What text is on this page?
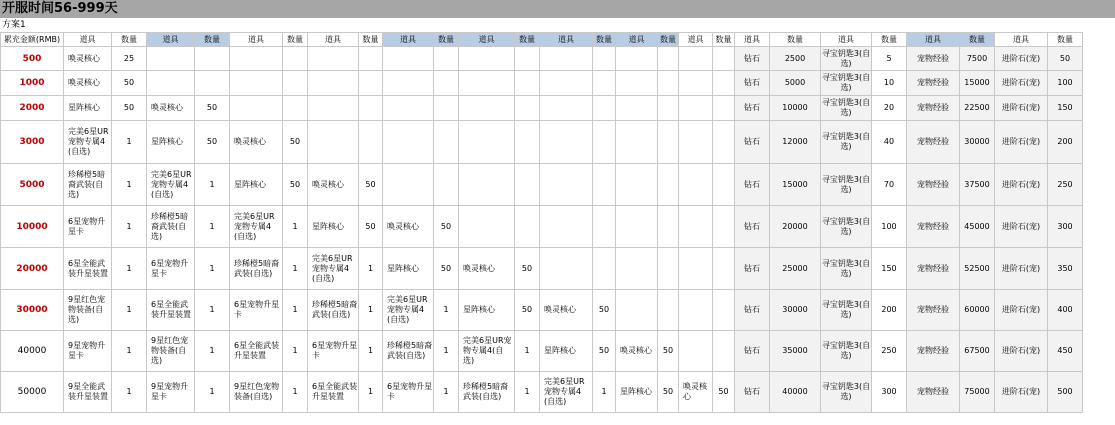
开服时间56-999天
方案1
累充金额(RMB)	道具	数量	道具	数量	道具	数量	道具	数量	道具	数量	道具	数量	道具	数量	道具	数量	道具	数量	道具	数量	道具	数量	道具	数量	道具	数量
500	唤灵核心	25																	钻石	2500	寻宝钥匙3(自选)	5	宠物经验	7500	进阶石(宠)	50
1000	唤灵核心	50																	钻石	5000	寻宝钥匙3(自选)	10	宠物经验	15000	进阶石(宠)	100
2000	星阵核心	50	唤灵核心	50															钻石	10000	寻宝钥匙3(自选)	20	宠物经验	22500	进阶石(宠)	150
3000	完美6星UR宠物专属4(自选)	1	星阵核心	50	唤灵核心	50													钻石	12000	寻宝钥匙3(自选)	40	宠物经验	30000	进阶石(宠)	200
5000	珍稀橙5暗裔武装(自选)	1	完美6星UR宠物专属4(自选)	1	星阵核心	50	唤灵核心	50											钻石	15000	寻宝钥匙3(自选)	70	宠物经验	37500	进阶石(宠)	250
10000	6星宠物升星卡	1	珍稀橙5暗裔武装(自选)	1	完美6星UR宠物专属4(自选)	1	星阵核心	50	唤灵核心	50									钻石	20000	寻宝钥匙3(自选)	100	宠物经验	45000	进阶石(宠)	300
20000	6星全能武装升星装置	1	6星宠物升星卡	1	珍稀橙5暗裔武装(自选)	1	完美6星UR宠物专属4(自选)	1	星阵核心	50	唤灵核心	50							钻石	25000	寻宝钥匙3(自选)	150	宠物经验	52500	进阶石(宠)	350
30000	9星红色宠物装备(自选)	1	6星全能武装升星装置	1	6星宠物升星卡	1	珍稀橙5暗裔武装(自选)	1	完美6星UR宠物专属4(自选)	1	星阵核心	50	唤灵核心	50					钻石	30000	寻宝钥匙3(自选)	200	宠物经验	60000	进阶石(宠)	400
40000	9星宠物升星卡	1	9星红色宠物装备(自选)	1	6星全能武装升星装置	1	6星宠物升星卡	1	珍稀橙5暗裔武装(自选)	1	完美6星UR宠物专属4(自选)	1	星阵核心	50	唤灵核心	50			钻石	35000	寻宝钥匙3(自选)	250	宠物经验	67500	进阶石(宠)	450
50000	9星全能武装升星装置	1	9星宠物升星卡	1	9星红色宠物装备(自选)	1	6星全能武装升星装置	1	6星宠物升星卡	1	珍稀橙5暗裔武装(自选)	1	完美6星UR宠物专属4(自选)	1	星阵核心	50	唤灵核心	50	钻石	40000	寻宝钥匙3(自选)	300	宠物经验	75000	进阶石(宠)	500
